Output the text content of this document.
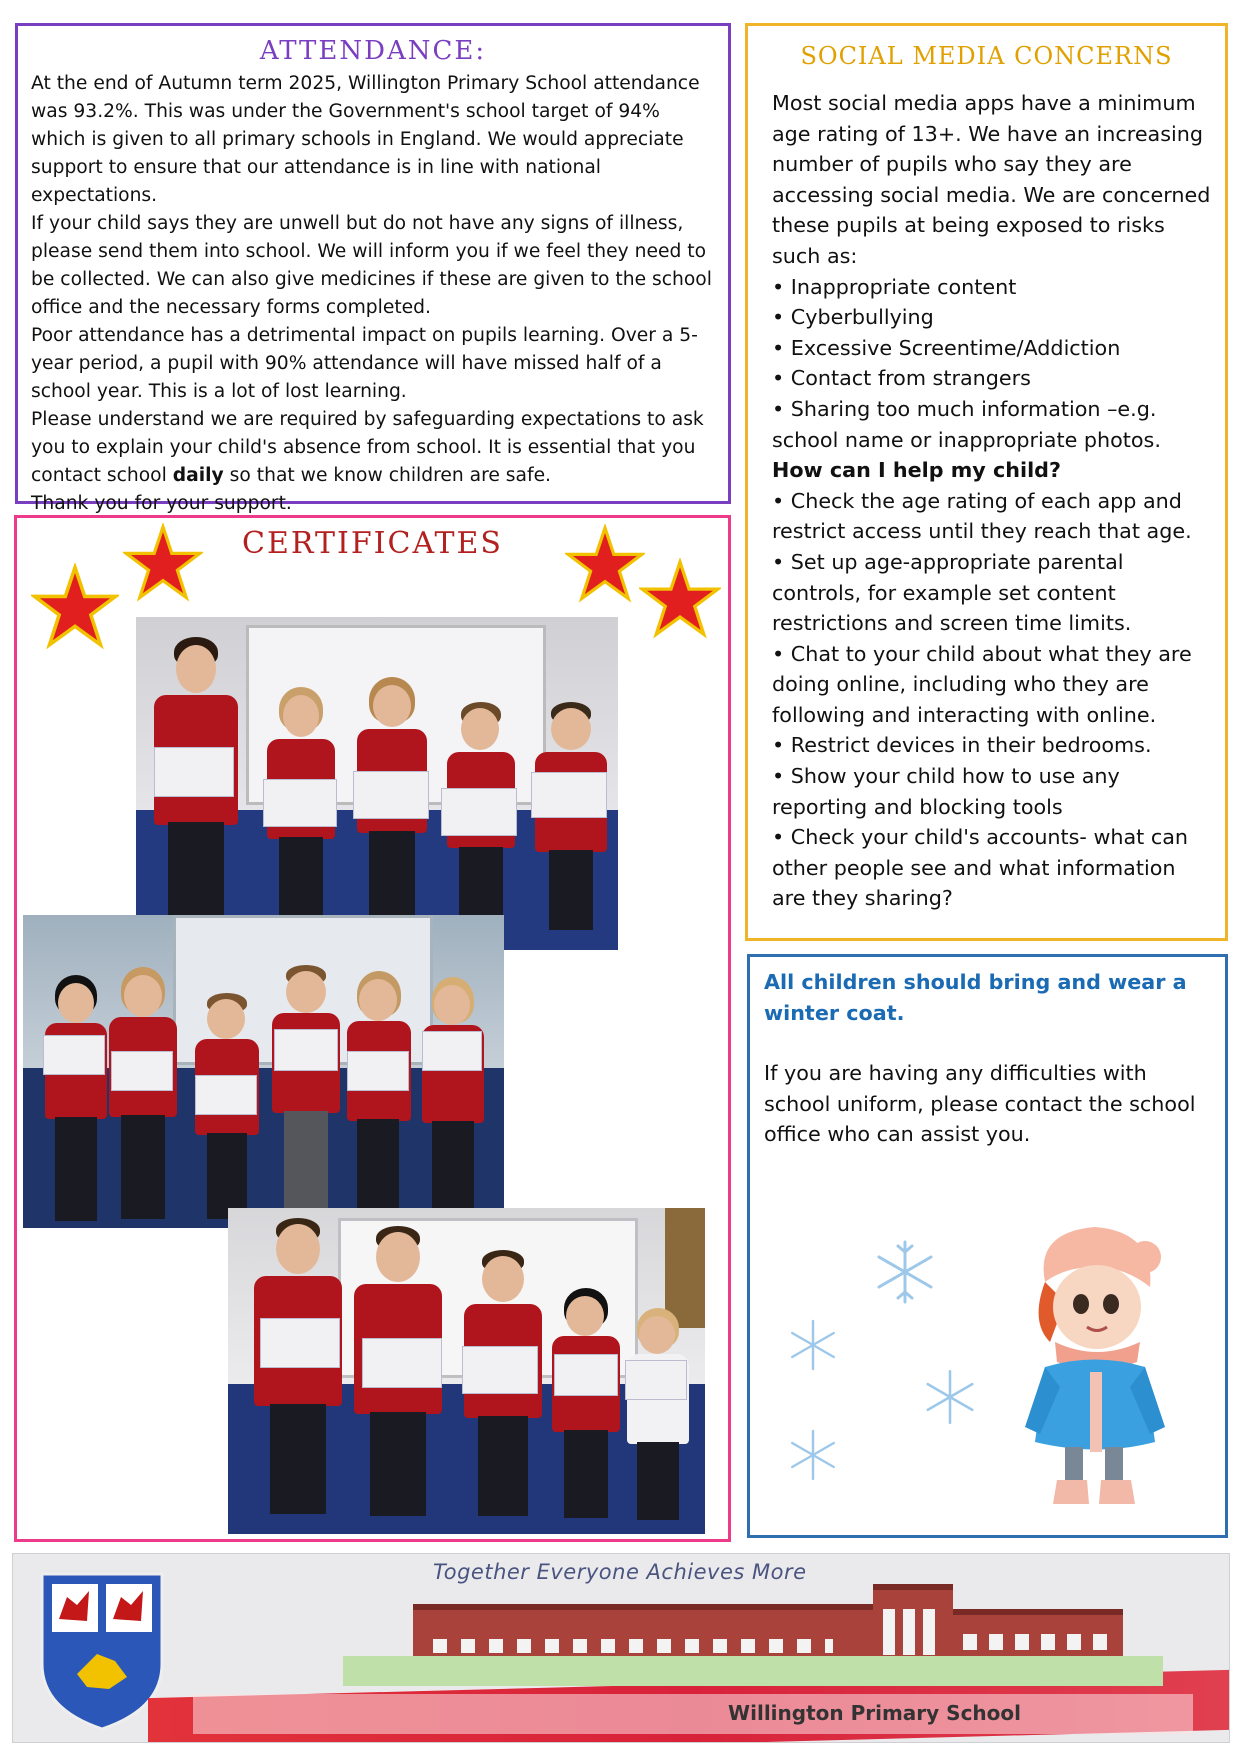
ATTENDANCE:

At the end of Autumn term 2025, Willington Primary School attendance was 93.2%. This was under the Government's school target of 94% which is given to all primary schools in England. We would appreciate support to ensure that our attendance is in line with national expectations.

If your child says they are unwell but do not have any signs of illness, please send them into school. We will inform you if we feel they need to be collected. We can also give medicines if these are given to the school office and the necessary forms completed.

Poor attendance has a detrimental impact on pupils learning. Over a 5-year period, a pupil with 90% attendance will have missed half of a school year. This is a lot of lost learning.

Please understand we are required by safeguarding expectations to ask you to explain your child's absence from school. It is essential that you contact school daily so that we know children are safe.

Thank you for your support.

SOCIAL MEDIA CONCERNS

Most social media apps have a minimum age rating of 13+. We have an increasing number of pupils who say they are accessing social media. We are concerned these pupils at being exposed to risks such as:

• Inappropriate content

• Cyberbullying

• Excessive Screentime/Addiction

• Contact from strangers

• Sharing too much information –e.g. school name or inappropriate photos.

How can I help my child?

• Check the age rating of each app and restrict access until they reach that age.

• Set up age-appropriate parental controls, for example set content restrictions and screen time limits.

• Chat to your child about what they are doing online, including who they are following and interacting with online.

• Restrict devices in their bedrooms.

• Show your child how to use any reporting and blocking tools

• Check your child's accounts- what can other people see and what information are they sharing?

CERTIFICATES

All children should bring and wear a winter coat.

If you are having any difficulties with school uniform, please contact the school office who can assist you.

Together Everyone Achieves More
Willington Primary School
